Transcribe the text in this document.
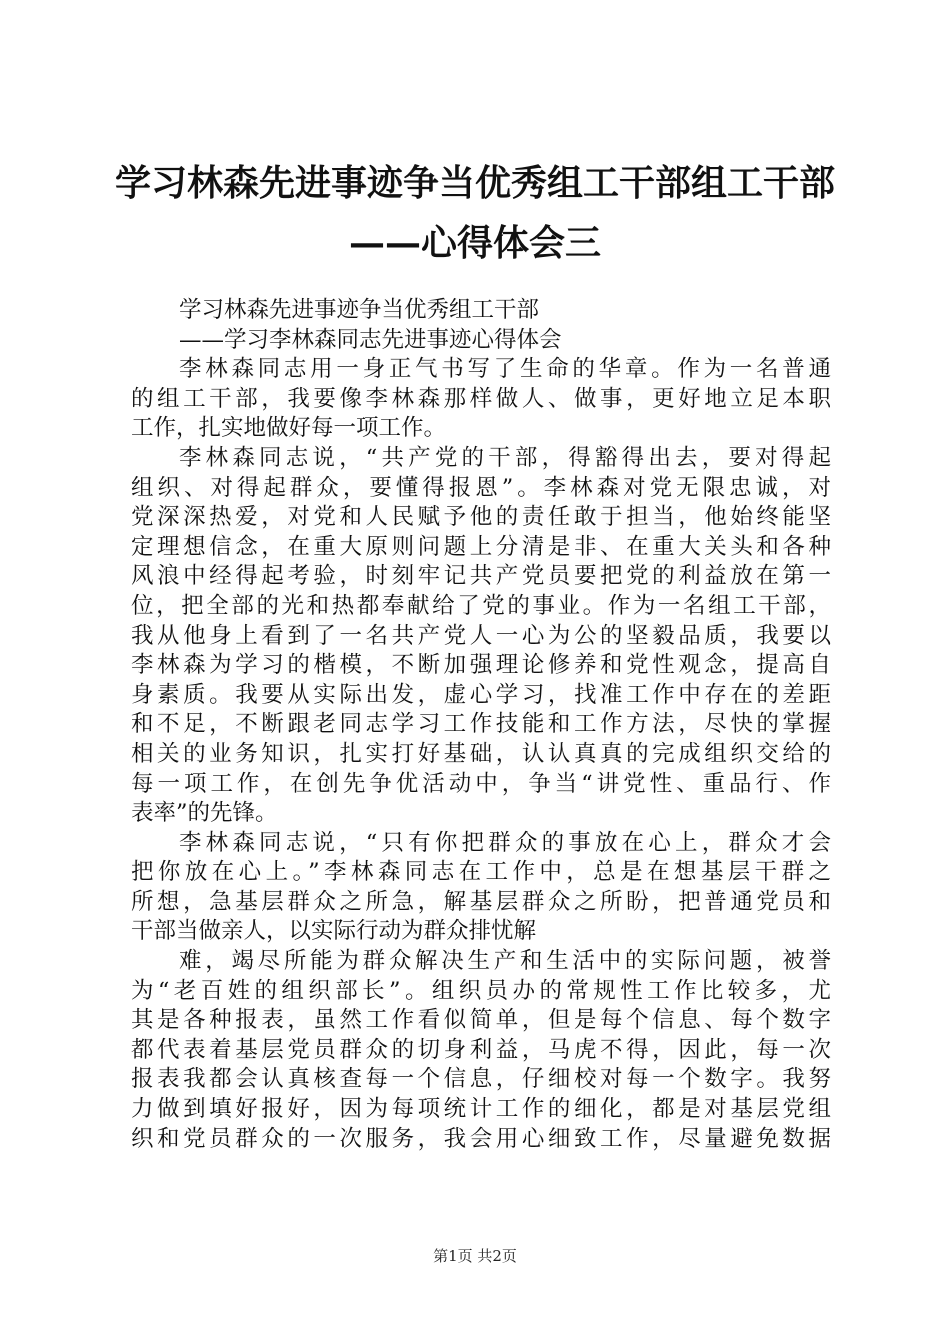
学习林森先进事迹争当优秀组工干部组工干部
——心得体会三
学习林森先进事迹争当优秀组工干部
——学习李林森同志先进事迹心得体会
李林森同志用一身正气书写了生命的华章。作为一名普通
的组工干部，我要像李林森那样做人、做事，更好地立足本职
工作，扎实地做好每一项工作。
李林森同志说，“共产党的干部，得豁得出去，要对得起
组织、对得起群众，要懂得报恩”。李林森对党无限忠诚，对
党深深热爱，对党和人民赋予他的责任敢于担当，他始终能坚
定理想信念，在重大原则问题上分清是非、在重大关头和各种
风浪中经得起考验，时刻牢记共产党员要把党的利益放在第一
位，把全部的光和热都奉献给了党的事业。作为一名组工干部，
我从他身上看到了一名共产党人一心为公的坚毅品质，我要以
李林森为学习的楷模，不断加强理论修养和党性观念，提高自
身素质。我要从实际出发，虚心学习，找准工作中存在的差距
和不足，不断跟老同志学习工作技能和工作方法，尽快的掌握
相关的业务知识，扎实打好基础，认认真真的完成组织交给的
每一项工作，在创先争优活动中，争当“讲党性、重品行、作
表率”的先锋。
李林森同志说，“只有你把群众的事放在心上，群众才会
把你放在心上。”李林森同志在工作中，总是在想基层干群之
所想，急基层群众之所急，解基层群众之所盼，把普通党员和
干部当做亲人，以实际行动为群众排忧解
难，竭尽所能为群众解决生产和生活中的实际问题，被誉
为“老百姓的组织部长”。组织员办的常规性工作比较多，尤
其是各种报表，虽然工作看似简单，但是每个信息、每个数字
都代表着基层党员群众的切身利益，马虎不得，因此，每一次
报表我都会认真核查每一个信息，仔细校对每一个数字。我努
力做到填好报好，因为每项统计工作的细化，都是对基层党组
织和党员群众的一次服务，我会用心细致工作，尽量避免数据
第1页 共2页
